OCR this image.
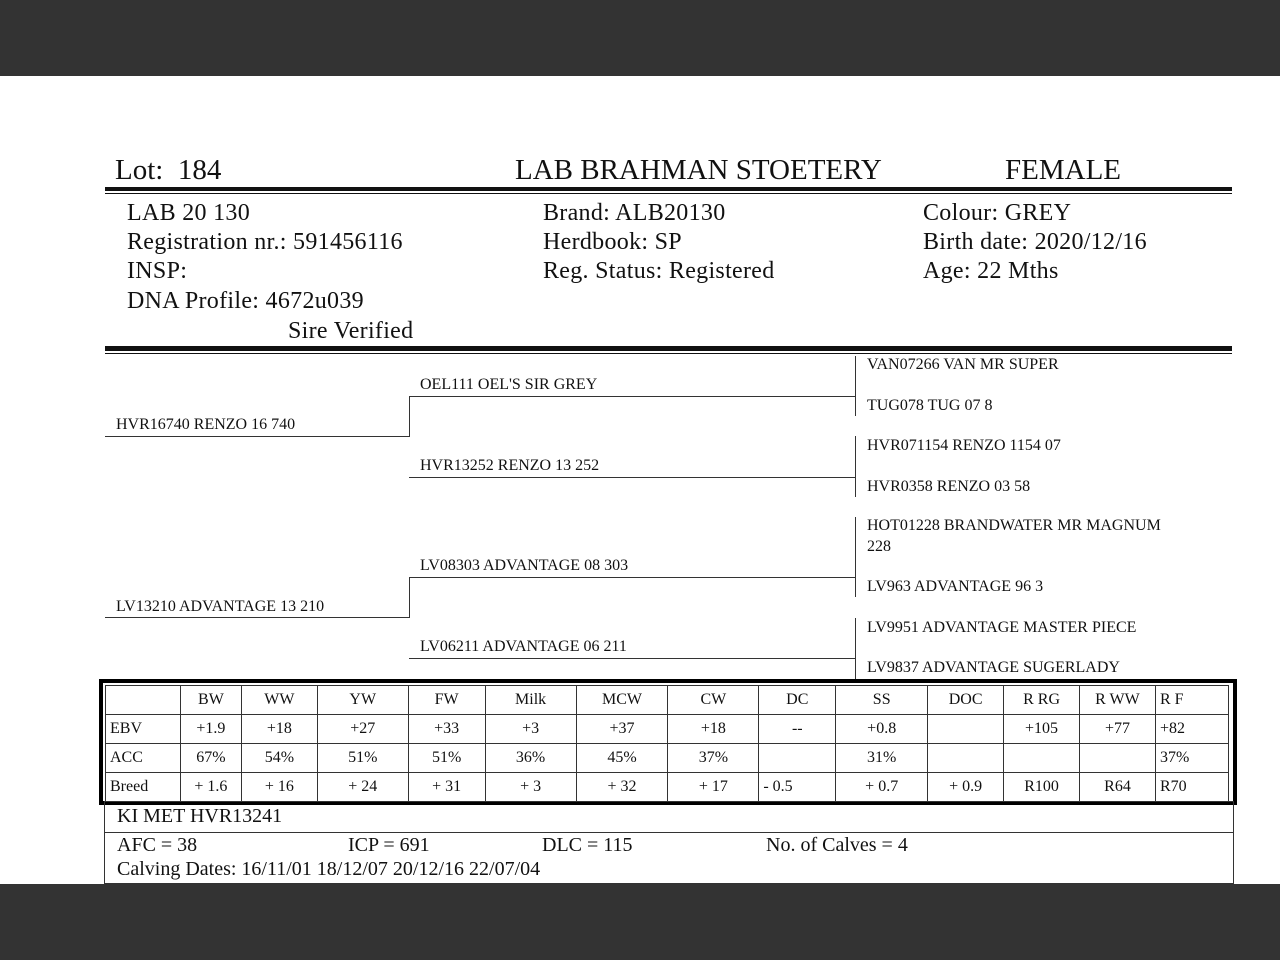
Lot: 184	LAB BRAHMAN STOETERY	FEMALE
LAB 20 130
Registration nr.: 591456116
INSP:
DNA Profile: 4672u039
Sire Verified
Brand: ALB20130
Herdbook: SP
Reg. Status: Registered
Colour: GREY
Birth date: 2020/12/16
Age: 22 Mths
HVR16740 RENZO 16 740
LV13210 ADVANTAGE 13 210
OEL111 OEL'S SIR GREY
HVR13252 RENZO 13 252
LV08303 ADVANTAGE 08 303
LV06211 ADVANTAGE 06 211
VAN07266 VAN MR SUPER
TUG078 TUG 07 8
HVR071154 RENZO 1154 07
HVR0358 RENZO 03 58
HOT01228 BRANDWATER MR MAGNUM
228
LV963 ADVANTAGE 96 3
LV9951 ADVANTAGE MASTER PIECE
LV9837 ADVANTAGE SUGERLADY
	BW	WW	YW	FW	Milk	MCW	CW	DC	SS	DOC	R RG	R WW	R F
EBV	+1.9	+18	+27	+33	+3	+37	+18	--	+0.8		+105	+77	+82
ACC	67%	54%	51%	51%	36%	45%	37%		31%				37%
Breed	+ 1.6	+ 16	+ 24	+ 31	+ 3	+ 32	+ 17	- 0.5	+ 0.7	+ 0.9	R100	R64	R70
KI MET HVR13241
AFC = 38	ICP = 691	DLC = 115	No. of Calves = 4
Calving Dates: 16/11/01 18/12/07 20/12/16 22/07/04
